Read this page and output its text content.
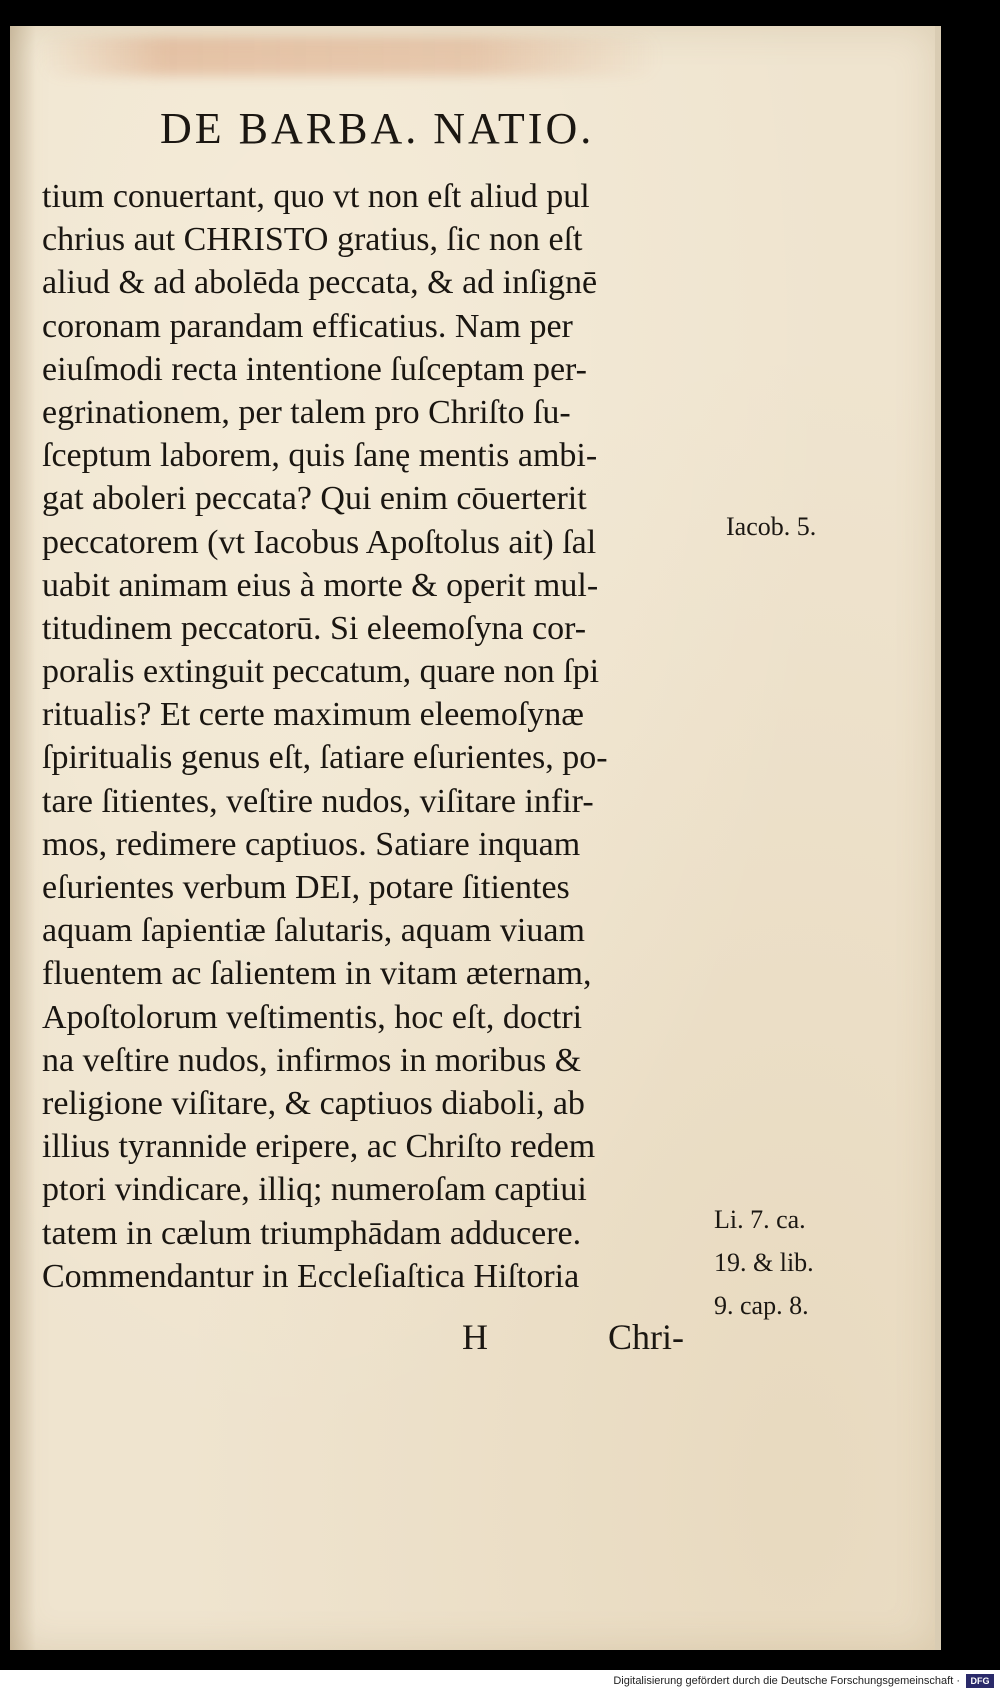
DE BARBA. NATIO.
tium conuertant, quo vt non eſt aliud pul
chrius aut CHRISTO gratius, ſic non eſt
aliud & ad abolēda peccata, & ad inſignē
coronam parandam efficatius. Nam per
eiuſmodi recta intentione ſuſceptam per-
egrinationem, per talem pro Chriſto ſu-
ſceptum laborem, quis ſanę mentis ambi-
gat aboleri peccata? Qui enim cōuerterit
peccatorem (vt Iacobus Apoſtolus ait) ſal
uabit animam eius à morte & operit mul-
titudinem peccatorū. Si eleemoſyna cor-
poralis extinguit peccatum, quare non ſpi
ritualis? Et certe maximum eleemoſynæ
ſpiritualis genus eſt, ſatiare eſurientes, po-
tare ſitientes, veſtire nudos, viſitare infir-
mos, redimere captiuos. Satiare inquam
eſurientes verbum DEI, potare ſitientes
aquam ſapientiæ ſalutaris, aquam viuam
fluentem ac ſalientem in vitam æternam,
Apoſtolorum veſtimentis, hoc eſt, doctri
na veſtire nudos, infirmos in moribus &
religione viſitare, & captiuos diaboli, ab
illius tyrannide eripere, ac Chriſto redem
ptori vindicare, illiq; numeroſam captiui
tatem in cælum triumphādam adducere.
Commendantur in Eccleſiaſtica Hiſtoria
Iacob. 5.
Li. 7. ca.
19. & lib.
9. cap. 8.
H	Chri-
Digitalisierung gefördert durch die Deutsche Forschungsgemeinschaft ·	DFG
